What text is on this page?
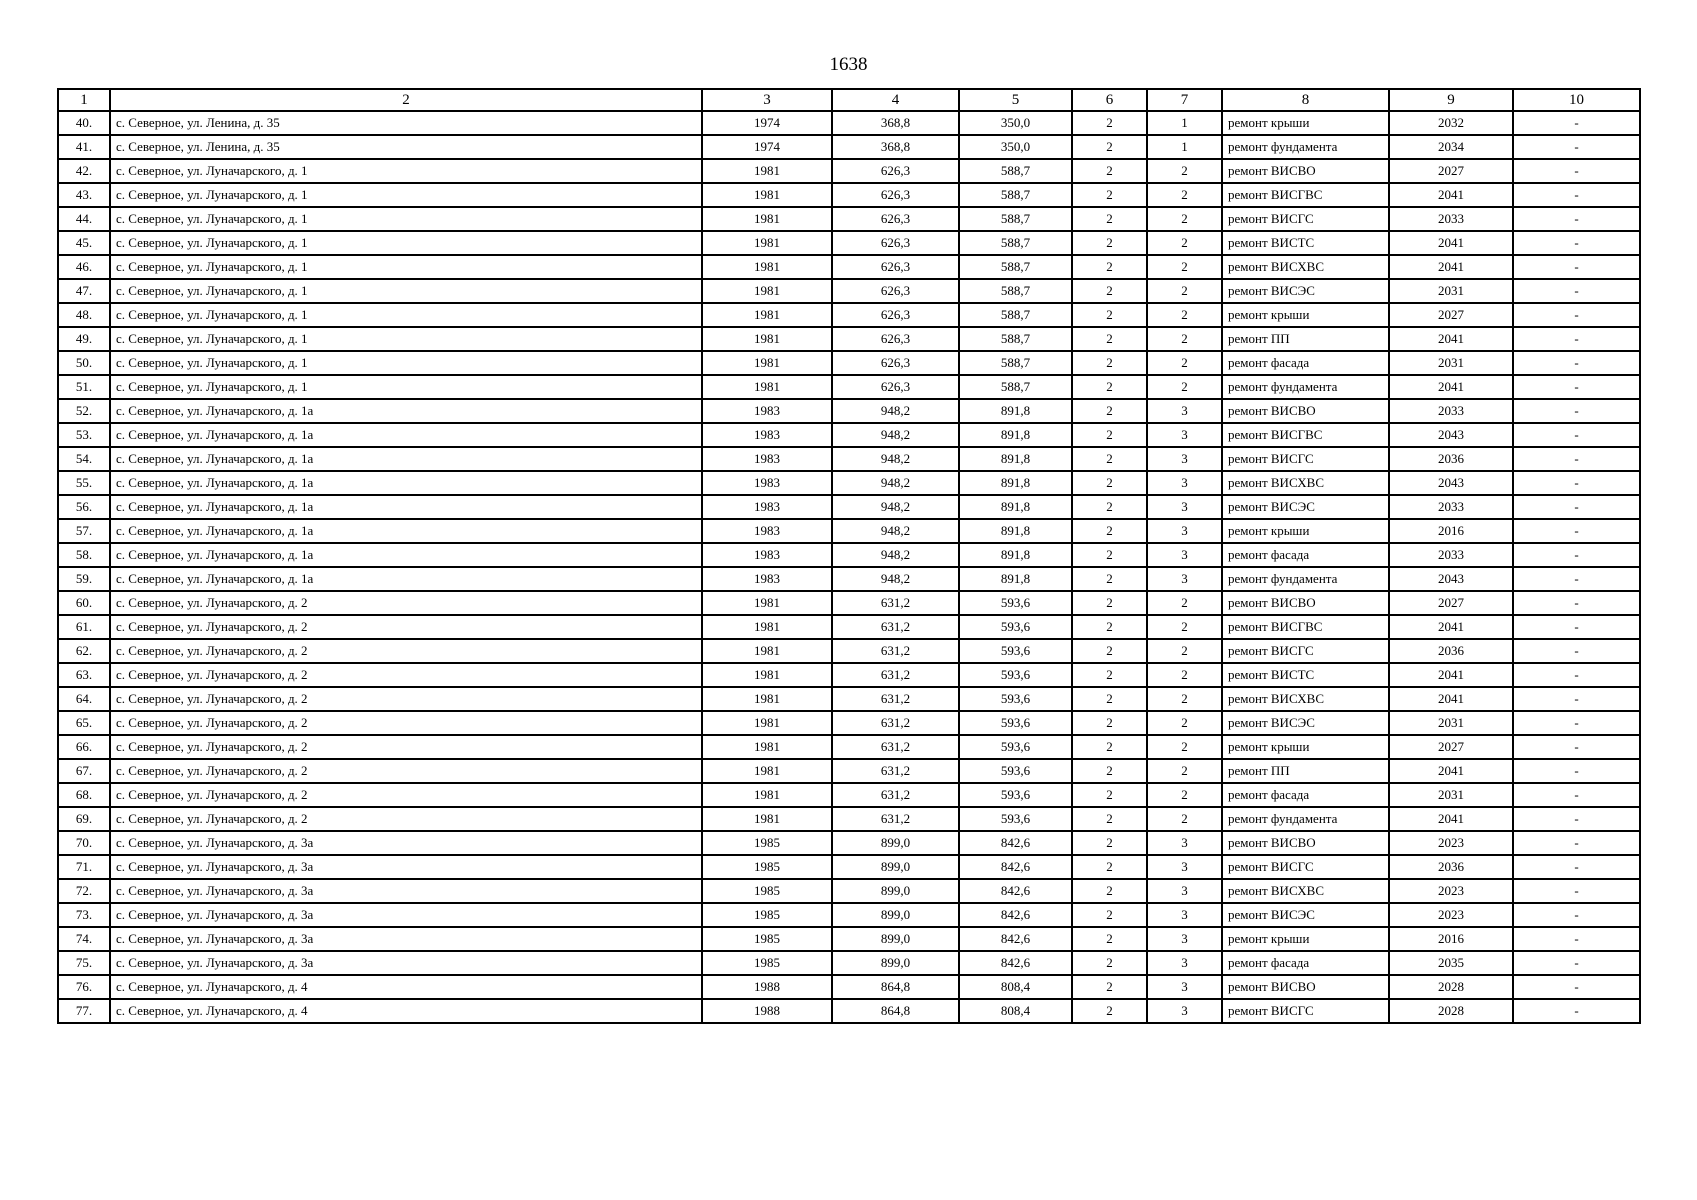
1638
1	2	3	4	5	6	7	8	9	10
40.	с. Северное, ул. Ленина, д. 35	1974	368,8	350,0	2	1	ремонт крыши	2032	-
41.	с. Северное, ул. Ленина, д. 35	1974	368,8	350,0	2	1	ремонт фундамента	2034	-
42.	с. Северное, ул. Луначарского, д. 1	1981	626,3	588,7	2	2	ремонт ВИСВО	2027	-
43.	с. Северное, ул. Луначарского, д. 1	1981	626,3	588,7	2	2	ремонт ВИСГВС	2041	-
44.	с. Северное, ул. Луначарского, д. 1	1981	626,3	588,7	2	2	ремонт ВИСГС	2033	-
45.	с. Северное, ул. Луначарского, д. 1	1981	626,3	588,7	2	2	ремонт ВИСТС	2041	-
46.	с. Северное, ул. Луначарского, д. 1	1981	626,3	588,7	2	2	ремонт ВИСХВС	2041	-
47.	с. Северное, ул. Луначарского, д. 1	1981	626,3	588,7	2	2	ремонт ВИСЭС	2031	-
48.	с. Северное, ул. Луначарского, д. 1	1981	626,3	588,7	2	2	ремонт крыши	2027	-
49.	с. Северное, ул. Луначарского, д. 1	1981	626,3	588,7	2	2	ремонт ПП	2041	-
50.	с. Северное, ул. Луначарского, д. 1	1981	626,3	588,7	2	2	ремонт фасада	2031	-
51.	с. Северное, ул. Луначарского, д. 1	1981	626,3	588,7	2	2	ремонт фундамента	2041	-
52.	с. Северное, ул. Луначарского, д. 1а	1983	948,2	891,8	2	3	ремонт ВИСВО	2033	-
53.	с. Северное, ул. Луначарского, д. 1а	1983	948,2	891,8	2	3	ремонт ВИСГВС	2043	-
54.	с. Северное, ул. Луначарского, д. 1а	1983	948,2	891,8	2	3	ремонт ВИСГС	2036	-
55.	с. Северное, ул. Луначарского, д. 1а	1983	948,2	891,8	2	3	ремонт ВИСХВС	2043	-
56.	с. Северное, ул. Луначарского, д. 1а	1983	948,2	891,8	2	3	ремонт ВИСЭС	2033	-
57.	с. Северное, ул. Луначарского, д. 1а	1983	948,2	891,8	2	3	ремонт крыши	2016	-
58.	с. Северное, ул. Луначарского, д. 1а	1983	948,2	891,8	2	3	ремонт фасада	2033	-
59.	с. Северное, ул. Луначарского, д. 1а	1983	948,2	891,8	2	3	ремонт фундамента	2043	-
60.	с. Северное, ул. Луначарского, д. 2	1981	631,2	593,6	2	2	ремонт ВИСВО	2027	-
61.	с. Северное, ул. Луначарского, д. 2	1981	631,2	593,6	2	2	ремонт ВИСГВС	2041	-
62.	с. Северное, ул. Луначарского, д. 2	1981	631,2	593,6	2	2	ремонт ВИСГС	2036	-
63.	с. Северное, ул. Луначарского, д. 2	1981	631,2	593,6	2	2	ремонт ВИСТС	2041	-
64.	с. Северное, ул. Луначарского, д. 2	1981	631,2	593,6	2	2	ремонт ВИСХВС	2041	-
65.	с. Северное, ул. Луначарского, д. 2	1981	631,2	593,6	2	2	ремонт ВИСЭС	2031	-
66.	с. Северное, ул. Луначарского, д. 2	1981	631,2	593,6	2	2	ремонт крыши	2027	-
67.	с. Северное, ул. Луначарского, д. 2	1981	631,2	593,6	2	2	ремонт ПП	2041	-
68.	с. Северное, ул. Луначарского, д. 2	1981	631,2	593,6	2	2	ремонт фасада	2031	-
69.	с. Северное, ул. Луначарского, д. 2	1981	631,2	593,6	2	2	ремонт фундамента	2041	-
70.	с. Северное, ул. Луначарского, д. 3а	1985	899,0	842,6	2	3	ремонт ВИСВО	2023	-
71.	с. Северное, ул. Луначарского, д. 3а	1985	899,0	842,6	2	3	ремонт ВИСГС	2036	-
72.	с. Северное, ул. Луначарского, д. 3а	1985	899,0	842,6	2	3	ремонт ВИСХВС	2023	-
73.	с. Северное, ул. Луначарского, д. 3а	1985	899,0	842,6	2	3	ремонт ВИСЭС	2023	-
74.	с. Северное, ул. Луначарского, д. 3а	1985	899,0	842,6	2	3	ремонт крыши	2016	-
75.	с. Северное, ул. Луначарского, д. 3а	1985	899,0	842,6	2	3	ремонт фасада	2035	-
76.	с. Северное, ул. Луначарского, д. 4	1988	864,8	808,4	2	3	ремонт ВИСВО	2028	-
77.	с. Северное, ул. Луначарского, д. 4	1988	864,8	808,4	2	3	ремонт ВИСГС	2028	-
